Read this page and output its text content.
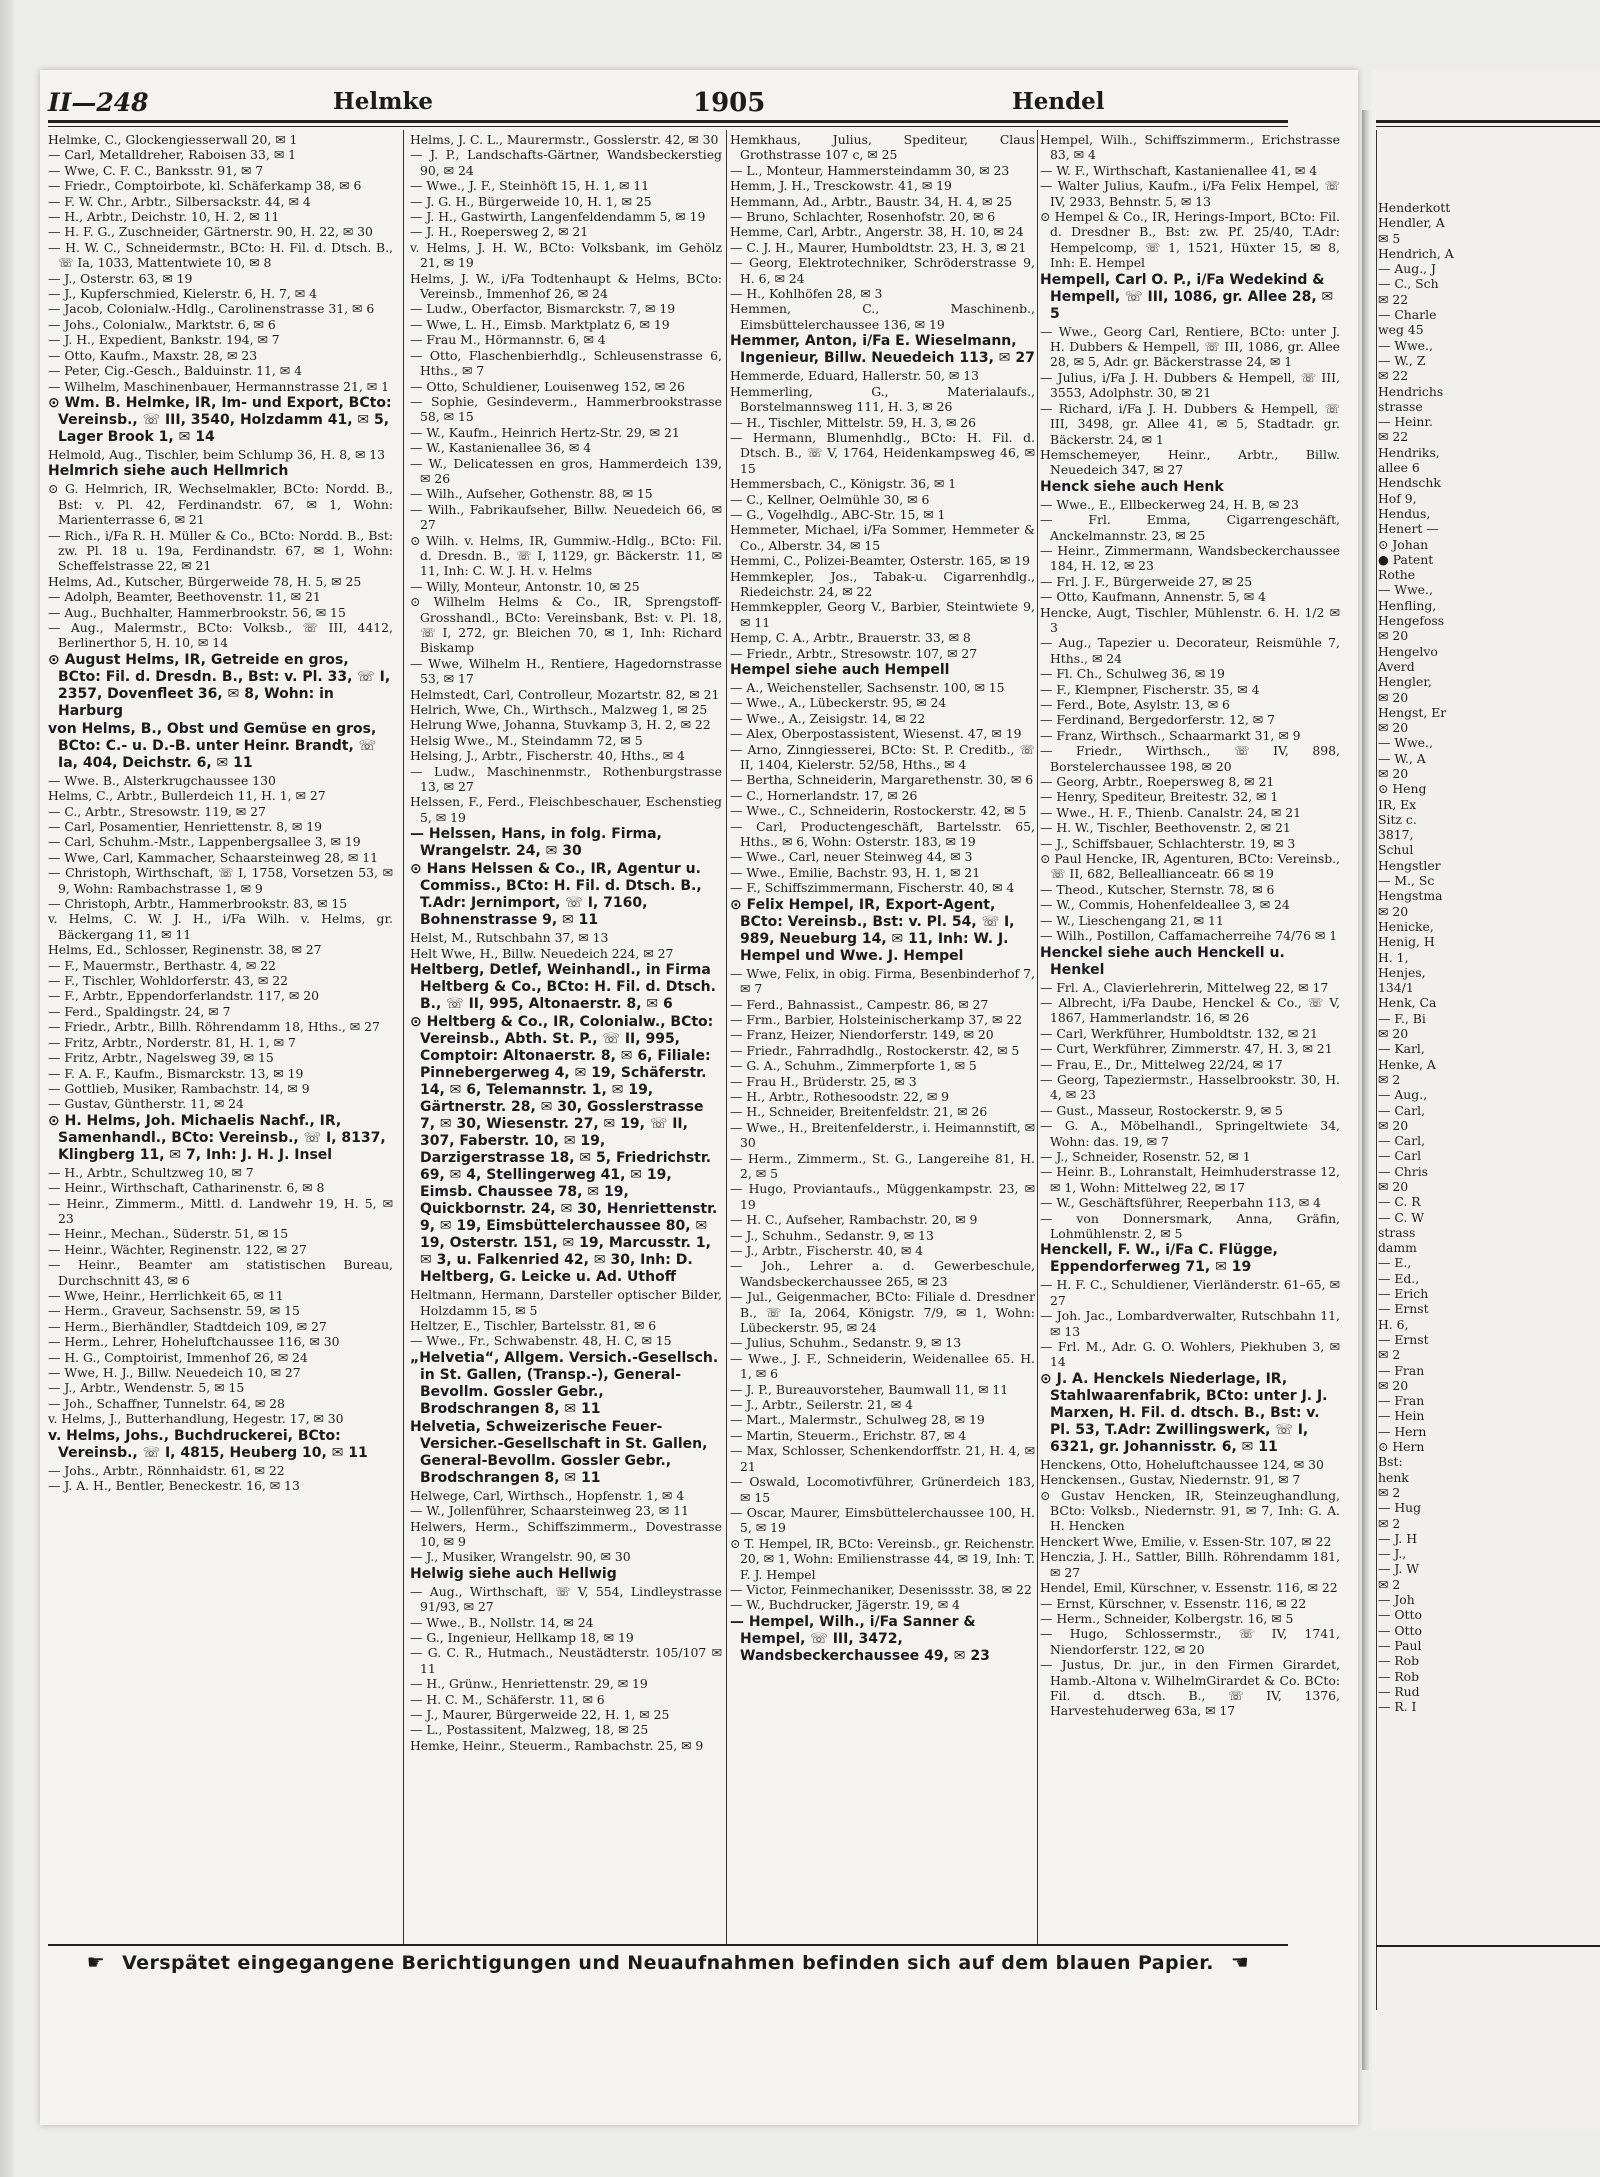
II—248	Helmke	1905	Hendel

Helmke, C., Glockengiesserwall 20, ✉ 1

— Carl, Metalldreher, Raboisen 33, ✉ 1

— Wwe, C. F. C., Banksstr. 91, ✉ 7

— Friedr., Comptoirbote, kl. Schäferkamp 38, ✉ 6

— F. W. Chr., Arbtr., Silbersackstr. 44, ✉ 4

— H., Arbtr., Deichstr. 10, H. 2, ✉ 11

— H. F. G., Zuschneider, Gärtnerstr. 90, H. 22, ✉ 30

— H. W. C., Schneidermstr., BCto: H. Fil. d. Dtsch. B., ☏ Ia, 1033, Mattentwiete 10, ✉ 8

— J., Osterstr. 63, ✉ 19

— J., Kupferschmied, Kielerstr. 6, H. 7, ✉ 4

— Jacob, Colonialw.-Hdlg., Carolinenstrasse 31, ✉ 6

— Johs., Colonialw., Marktstr. 6, ✉ 6

— J. H., Expedient, Bankstr. 194, ✉ 7

— Otto, Kaufm., Maxstr. 28, ✉ 23

— Peter, Cig.-Gesch., Balduinstr. 11, ✉ 4

— Wilhelm, Maschinenbauer, Hermannstrasse 21, ✉ 1

⊙ Wm. B. Helmke, IR, Im- und Export, BCto: Vereinsb., ☏ III, 3540, Holzdamm 41, ✉ 5, Lager Brook 1, ✉ 14

Helmold, Aug., Tischler, beim Schlump 36, H. 8, ✉ 13

Helmrich siehe auch Hellmrich

⊙ G. Helmrich, IR, Wechselmakler, BCto: Nordd. B., Bst: v. Pl. 42, Ferdinandstr. 67, ✉ 1, Wohn: Marienterrasse 6, ✉ 21

— Rich., i/Fa R. H. Müller & Co., BCto: Nordd. B., Bst: zw. Pl. 18 u. 19a, Ferdinandstr. 67, ✉ 1, Wohn: Scheffelstrasse 22, ✉ 21

Helms, Ad., Kutscher, Bürgerweide 78, H. 5, ✉ 25

— Adolph, Beamter, Beethovenstr. 11, ✉ 21

— Aug., Buchhalter, Hammerbrookstr. 56, ✉ 15

— Aug., Malermstr., BCto: Volksb., ☏ III, 4412, Berlinerthor 5, H. 10, ✉ 14

⊙ August Helms, IR, Getreide en gros, BCto: Fil. d. Dresdn. B., Bst: v. Pl. 33, ☏ I, 2357, Dovenfleet 36, ✉ 8, Wohn: in Harburg

von Helms, B., Obst und Gemüse en gros, BCto: C.- u. D.-B. unter Heinr. Brandt, ☏ Ia, 404, Deichstr. 6, ✉ 11

— Wwe. B., Alsterkrugchaussee 130

Helms, C., Arbtr., Bullerdeich 11, H. 1, ✉ 27

— C., Arbtr., Stresowstr. 119, ✉ 27

— Carl, Posamentier, Henriettenstr. 8, ✉ 19

— Carl, Schuhm.-Mstr., Lappenbergsallee 3, ✉ 19

— Wwe, Carl, Kammacher, Schaarsteinweg 28, ✉ 11

— Christoph, Wirthschaft, ☏ I, 1758, Vorsetzen 53, ✉ 9, Wohn: Rambachstrasse 1, ✉ 9

— Christoph, Arbtr., Hammerbrookstr. 83, ✉ 15

v. Helms, C. W. J. H., i/Fa Wilh. v. Helms, gr. Bäckergang 11, ✉ 11

Helms, Ed., Schlosser, Reginenstr. 38, ✉ 27

— F., Mauermstr., Berthastr. 4, ✉ 22

— F., Tischler, Wohldorferstr. 43, ✉ 22

— F., Arbtr., Eppendorferlandstr. 117, ✉ 20

— Ferd., Spaldingstr. 24, ✉ 7

— Friedr., Arbtr., Billh. Röhrendamm 18, Hths., ✉ 27

— Fritz, Arbtr., Norderstr. 81, H. 1, ✉ 7

— Fritz, Arbtr., Nagelsweg 39, ✉ 15

— F. A. F., Kaufm., Bismarckstr. 13, ✉ 19

— Gottlieb, Musiker, Rambachstr. 14, ✉ 9

— Gustav, Güntherstr. 11, ✉ 24

⊙ H. Helms, Joh. Michaelis Nachf., IR, Samenhandl., BCto: Vereinsb., ☏ I, 8137, Klingberg 11, ✉ 7, Inh: J. H. J. Insel

— H., Arbtr., Schultzweg 10, ✉ 7

— Heinr., Wirthschaft, Catharinenstr. 6, ✉ 8

— Heinr., Zimmerm., Mittl. d. Landwehr 19, H. 5, ✉ 23

— Heinr., Mechan., Süderstr. 51, ✉ 15

— Heinr., Wächter, Reginenstr. 122, ✉ 27

— Heinr., Beamter am statistischen Bureau, Durchschnitt 43, ✉ 6

— Wwe, Heinr., Herrlichkeit 65, ✉ 11

— Herm., Graveur, Sachsenstr. 59, ✉ 15

— Herm., Bierhändler, Stadtdeich 109, ✉ 27

— Herm., Lehrer, Hoheluftchaussee 116, ✉ 30

— H. G., Comptoirist, Immenhof 26, ✉ 24

— Wwe, H. J., Billw. Neuedeich 10, ✉ 27

— J., Arbtr., Wendenstr. 5, ✉ 15

— Joh., Schaffner, Tunnelstr. 64, ✉ 28

v. Helms, J., Butterhandlung, Hegestr. 17, ✉ 30

v. Helms, Johs., Buchdruckerei, BCto: Vereinsb., ☏ I, 4815, Heuberg 10, ✉ 11

— Johs., Arbtr., Rönnhaidstr. 61, ✉ 22

— J. A. H., Bentler, Beneckestr. 16, ✉ 13

Helms, J. C. L., Maurermstr., Gosslerstr. 42, ✉ 30

— J. P., Landschafts-Gärtner, Wandsbeckerstieg 90, ✉ 24

— Wwe., J. F., Steinhöft 15, H. 1, ✉ 11

— J. G. H., Bürgerweide 10, H. 1, ✉ 25

— J. H., Gastwirth, Langenfeldendamm 5, ✉ 19

— J. H., Roepersweg 2, ✉ 21

v. Helms, J. H. W., BCto: Volksbank, im Gehölz 21, ✉ 19

Helms, J. W., i/Fa Todtenhaupt & Helms, BCto: Vereinsb., Immenhof 26, ✉ 24

— Ludw., Oberfactor, Bismarckstr. 7, ✉ 19

— Wwe, L. H., Eimsb. Marktplatz 6, ✉ 19

— Frau M., Hörmannstr. 6, ✉ 4

— Otto, Flaschenbierhdlg., Schleusenstrasse 6, Hths., ✉ 7

— Otto, Schuldiener, Louisenweg 152, ✉ 26

— Sophie, Gesindeverm., Hammerbrookstrasse 58, ✉ 15

— W., Kaufm., Heinrich Hertz-Str. 29, ✉ 21

— W., Kastanienallee 36, ✉ 4

— W., Delicatessen en gros, Hammerdeich 139, ✉ 26

— Wilh., Aufseher, Gothenstr. 88, ✉ 15

— Wilh., Fabrikaufseher, Billw. Neuedeich 66, ✉ 27

⊙ Wilh. v. Helms, IR, Gummiw.-Hdlg., BCto: Fil. d. Dresdn. B., ☏ I, 1129, gr. Bäckerstr. 11, ✉ 11, Inh: C. W. J. H. v. Helms

— Willy, Monteur, Antonstr. 10, ✉ 25

⊙ Wilhelm Helms & Co., IR, Sprengstoff-Grosshandl., BCto: Vereinsbank, Bst: v. Pl. 18, ☏ I, 272, gr. Bleichen 70, ✉ 1, Inh: Richard Biskamp

— Wwe, Wilhelm H., Rentiere, Hagedornstrasse 53, ✉ 17

Helmstedt, Carl, Controlleur, Mozartstr. 82, ✉ 21

Helrich, Wwe, Ch., Wirthsch., Malzweg 1, ✉ 25

Helrung Wwe, Johanna, Stuvkamp 3, H. 2, ✉ 22

Helsig Wwe., M., Steindamm 72, ✉ 5

Helsing, J., Arbtr., Fischerstr. 40, Hths., ✉ 4

— Ludw., Maschinenmstr., Rothenburgstrasse 13, ✉ 27

Helssen, F., Ferd., Fleischbeschauer, Eschenstieg 5, ✉ 19

— Helssen, Hans, in folg. Firma, Wrangelstr. 24, ✉ 30

⊙ Hans Helssen & Co., IR, Agentur u. Commiss., BCto: H. Fil. d. Dtsch. B., T.Adr: Jernimport, ☏ I, 7160, Bohnenstrasse 9, ✉ 11

Helst, M., Rutschbahn 37, ✉ 13

Helt Wwe, H., Billw. Neuedeich 224, ✉ 27

Heltberg, Detlef, Weinhandl., in Firma Heltberg & Co., BCto: H. Fil. d. Dtsch. B., ☏ II, 995, Altonaerstr. 8, ✉ 6

⊙ Heltberg & Co., IR, Colonialw., BCto: Vereinsb., Abth. St. P., ☏ II, 995, Comptoir: Altonaerstr. 8, ✉ 6, Filiale: Pinnebergerweg 4, ✉ 19, Schäferstr. 14, ✉ 6, Telemannstr. 1, ✉ 19, Gärtnerstr. 28, ✉ 30, Gosslerstrasse 7, ✉ 30, Wiesenstr. 27, ✉ 19, ☏ II, 307, Faberstr. 10, ✉ 19, Darzigerstrasse 18, ✉ 5, Friedrichstr. 69, ✉ 4, Stellingerweg 41, ✉ 19, Eimsb. Chaussee 78, ✉ 19, Quickbornstr. 24, ✉ 30, Henriettenstr. 9, ✉ 19, Eimsbüttelerchaussee 80, ✉ 19, Osterstr. 151, ✉ 19, Marcusstr. 1, ✉ 3, u. Falkenried 42, ✉ 30, Inh: D. Heltberg, G. Leicke u. Ad. Uthoff

Heltmann, Hermann, Darsteller optischer Bilder, Holzdamm 15, ✉ 5

Heltzer, E., Tischler, Bartelsstr. 81, ✉ 6

— Wwe., Fr., Schwabenstr. 48, H. C, ✉ 15

„Helvetia“, Allgem. Versich.-Gesellsch. in St. Gallen, (Transp.-), General-Bevollm. Gossler Gebr., Brodschrangen 8, ✉ 11

Helvetia, Schweizerische Feuer-Versicher.-Gesellschaft in St. Gallen, General-Bevollm. Gossler Gebr., Brodschrangen 8, ✉ 11

Helwege, Carl, Wirthsch., Hopfenstr. 1, ✉ 4

— W., Jollenführer, Schaarsteinweg 23, ✉ 11

Helwers, Herm., Schiffszimmerm., Dovestrasse 10, ✉ 9

— J., Musiker, Wrangelstr. 90, ✉ 30

Helwig siehe auch Hellwig

— Aug., Wirthschaft, ☏ V, 554, Lindleystrasse 91/93, ✉ 27

— Wwe., B., Nollstr. 14, ✉ 24

— G., Ingenieur, Hellkamp 18, ✉ 19

— G. C. R., Hutmach., Neustädterstr. 105/107 ✉ 11

— H., Grünw., Henriettenstr. 29, ✉ 19

— H. C. M., Schäferstr. 11, ✉ 6

— J., Maurer, Bürgerweide 22, H. 1, ✉ 25

— L., Postassitent, Malzweg, 18, ✉ 25

Hemke, Heinr., Steuerm., Rambachstr. 25, ✉ 9

Hemkhaus, Julius, Spediteur, Claus Grothstrasse 107 c, ✉ 25

— L., Monteur, Hammersteindamm 30, ✉ 23

Hemm, J. H., Tresckowstr. 41, ✉ 19

Hemmann, Ad., Arbtr., Baustr. 34, H. 4, ✉ 25

— Bruno, Schlachter, Rosenhofstr. 20, ✉ 6

Hemme, Carl, Arbtr., Angerstr. 38, H. 10, ✉ 24

— C. J. H., Maurer, Humboldtstr. 23, H. 3, ✉ 21

— Georg, Elektrotechniker, Schröderstrasse 9, H. 6, ✉ 24

— H., Kohlhöfen 28, ✉ 3

Hemmen, C., Maschinenb., Eimsbüttelerchaussee 136, ✉ 19

Hemmer, Anton, i/Fa E. Wieselmann, Ingenieur, Billw. Neuedeich 113, ✉ 27

Hemmerde, Eduard, Hallerstr. 50, ✉ 13

Hemmerling, G., Materialaufs., Borstelmannsweg 111, H. 3, ✉ 26

— H., Tischler, Mittelstr. 59, H. 3, ✉ 26

— Hermann, Blumenhdlg., BCto: H. Fil. d. Dtsch. B., ☏ V, 1764, Heidenkampsweg 46, ✉ 15

Hemmersbach, C., Königstr. 36, ✉ 1

— C., Kellner, Oelmühle 30, ✉ 6

— G., Vogelhdlg., ABC-Str. 15, ✉ 1

Hemmeter, Michael, i/Fa Sommer, Hemmeter & Co., Alberstr. 34, ✉ 15

Hemmi, C., Polizei-Beamter, Osterstr. 165, ✉ 19

Hemmkepler, Jos., Tabak-u. Cigarrenhdlg., Riedeichstr. 24, ✉ 22

Hemmkeppler, Georg V., Barbier, Steintwiete 9, ✉ 11

Hemp, C. A., Arbtr., Brauerstr. 33, ✉ 8

— Friedr., Arbtr., Stresowstr. 107, ✉ 27

Hempel siehe auch Hempell

— A., Weichensteller, Sachsenstr. 100, ✉ 15

— Wwe., A., Lübeckerstr. 95, ✉ 24

— Wwe., A., Zeisigstr. 14, ✉ 22

— Alex, Oberpostassistent, Wiesenst. 47, ✉ 19

— Arno, Zinngiesserei, BCto: St. P. Creditb., ☏ II, 1404, Kielerstr. 52/58, Hths., ✉ 4

— Bertha, Schneiderin, Margarethenstr. 30, ✉ 6

— C., Hornerlandstr. 17, ✉ 26

— Wwe., C., Schneiderin, Rostockerstr. 42, ✉ 5

— Carl, Productengeschäft, Bartelsstr. 65, Hths., ✉ 6, Wohn: Osterstr. 183, ✉ 19

— Wwe., Carl, neuer Steinweg 44, ✉ 3

— Wwe., Emilie, Bachstr. 93, H. 1, ✉ 21

— F., Schiffszimmermann, Fischerstr. 40, ✉ 4

⊙ Felix Hempel, IR, Export-Agent, BCto: Vereinsb., Bst: v. Pl. 54, ☏ I, 989, Neueburg 14, ✉ 11, Inh: W. J. Hempel und Wwe. J. Hempel

— Wwe, Felix, in obig. Firma, Besenbinderhof 7, ✉ 7

— Ferd., Bahnassist., Campestr. 86, ✉ 27

— Frm., Barbier, Holsteinischerkamp 37, ✉ 22

— Franz, Heizer, Niendorferstr. 149, ✉ 20

— Friedr., Fahrradhdlg., Rostockerstr. 42, ✉ 5

— G. A., Schuhm., Zimmerpforte 1, ✉ 5

— Frau H., Brüderstr. 25, ✉ 3

— H., Arbtr., Rothesoodstr. 22, ✉ 9

— H., Schneider, Breitenfeldstr. 21, ✉ 26

— Wwe., H., Breitenfelderstr., i. Heimannstift, ✉ 30

— Herm., Zimmerm., St. G., Langereihe 81, H. 2, ✉ 5

— Hugo, Proviantaufs., Müggenkampstr. 23, ✉ 19

— H. C., Aufseher, Rambachstr. 20, ✉ 9

— J., Schuhm., Sedanstr. 9, ✉ 13

— J., Arbtr., Fischerstr. 40, ✉ 4

— Joh., Lehrer a. d. Gewerbeschule, Wandsbeckerchaussee 265, ✉ 23

— Jul., Geigenmacher, BCto: Filiale d. Dresdner B., ☏ Ia, 2064, Königstr. 7/9, ✉ 1, Wohn: Lübeckerstr. 95, ✉ 24

— Julius, Schuhm., Sedanstr. 9, ✉ 13

— Wwe., J. F., Schneiderin, Weidenallee 65. H. 1, ✉ 6

— J. P., Bureauvorsteher, Baumwall 11, ✉ 11

— J., Arbtr., Seilerstr. 21, ✉ 4

— Mart., Malermstr., Schulweg 28, ✉ 19

— Martin, Steuerm., Erichstr. 87, ✉ 4

— Max, Schlosser, Schenkendorffstr. 21, H. 4, ✉ 21

— Oswald, Locomotivführer, Grünerdeich 183, ✉ 15

— Oscar, Maurer, Eimsbüttelerchaussee 100, H. 5, ✉ 19

⊙ T. Hempel, IR, BCto: Vereinsb., gr. Reichenstr. 20, ✉ 1, Wohn: Emilienstrasse 44, ✉ 19, Inh: T. F. J. Hempel

— Victor, Feinmechaniker, Desenissstr. 38, ✉ 22

— W., Buchdrucker, Jägerstr. 19, ✉ 4

— Hempel, Wilh., i/Fa Sanner & Hempel, ☏ III, 3472, Wandsbeckerchaussee 49, ✉ 23

Hempel, Wilh., Schiffszimmerm., Erichstrasse 83, ✉ 4

— W. F., Wirthschaft, Kastanienallee 41, ✉ 4

— Walter Julius, Kaufm., i/Fa Felix Hempel, ☏ IV, 2933, Behnstr. 5, ✉ 13

⊙ Hempel & Co., IR, Herings-Import, BCto: Fil. d. Dresdner B., Bst: zw. Pf. 25/40, T.Adr: Hempelcomp, ☏ 1, 1521, Hüxter 15, ✉ 8, Inh: E. Hempel

Hempell, Carl O. P., i/Fa Wedekind & Hempell, ☏ III, 1086, gr. Allee 28, ✉ 5

— Wwe., Georg Carl, Rentiere, BCto: unter J. H. Dubbers & Hempell, ☏ III, 1086, gr. Allee 28, ✉ 5, Adr. gr. Bäckerstrasse 24, ✉ 1

— Julius, i/Fa J. H. Dubbers & Hempell, ☏ III, 3553, Adolphstr. 30, ✉ 21

— Richard, i/Fa J. H. Dubbers & Hempell, ☏ III, 3498, gr. Allee 41, ✉ 5, Stadtadr. gr. Bäckerstr. 24, ✉ 1

Hemschemeyer, Heinr., Arbtr., Billw. Neuedeich 347, ✉ 27

Henck siehe auch Henk

— Wwe., E., Ellbeckerweg 24, H. B, ✉ 23

— Frl. Emma, Cigarrengeschäft, Anckelmannstr. 23, ✉ 25

— Heinr., Zimmermann, Wandsbeckerchaussee 184, H. 12, ✉ 23

— Frl. J. F., Bürgerweide 27, ✉ 25

— Otto, Kaufmann, Annenstr. 5, ✉ 4

Hencke, Augt, Tischler, Mühlenstr. 6. H. 1/2 ✉ 3

— Aug., Tapezier u. Decorateur, Reismühle 7, Hths., ✉ 24

— Fl. Ch., Schulweg 36, ✉ 19

— F., Klempner, Fischerstr. 35, ✉ 4

— Ferd., Bote, Asylstr. 13, ✉ 6

— Ferdinand, Bergedorferstr. 12, ✉ 7

— Franz, Wirthsch., Schaarmarkt 31, ✉ 9

— Friedr., Wirthsch., ☏ IV, 898, Borstelerchaussee 198, ✉ 20

— Georg, Arbtr., Roepersweg 8, ✉ 21

— Henry, Spediteur, Breitestr. 32, ✉ 1

— Wwe., H. F., Thienb. Canalstr. 24, ✉ 21

— H. W., Tischler, Beethovenstr. 2, ✉ 21

— J., Schiffsbauer, Schlachterstr. 19, ✉ 3

⊙ Paul Hencke, IR, Agenturen, BCto: Vereinsb., ☏ II, 682, Belleallianceatr. 66 ✉ 19

— Theod., Kutscher, Sternstr. 78, ✉ 6

— W., Commis, Hohenfeldeallee 3, ✉ 24

— W., Lieschengang 21, ✉ 11

— Wilh., Postillon, Caffamacherreihe 74/76 ✉ 1

Henckel siehe auch Henckell u. Henkel

— Frl. A., Clavierlehrerin, Mittelweg 22, ✉ 17

— Albrecht, i/Fa Daube, Henckel & Co., ☏ V, 1867, Hammerlandstr. 16, ✉ 26

— Carl, Werkführer, Humboldtstr. 132, ✉ 21

— Curt, Werkführer, Zimmerstr. 47, H. 3, ✉ 21

— Frau, E., Dr., Mittelweg 22/24, ✉ 17

— Georg, Tapeziermstr., Hasselbrookstr. 30, H. 4, ✉ 23

— Gust., Masseur, Rostockerstr. 9, ✉ 5

— G. A., Möbelhandl., Springeltwiete 34, Wohn: das. 19, ✉ 7

— J., Schneider, Rosenstr. 52, ✉ 1

— Heinr. B., Lohranstalt, Heimhuderstrasse 12, ✉ 1, Wohn: Mittelweg 22, ✉ 17

— W., Geschäftsführer, Reeperbahn 113, ✉ 4

— von Donnersmark, Anna, Gräfin, Lohmühlenstr. 2, ✉ 5

Henckell, F. W., i/Fa C. Flügge, Eppendorferweg 71, ✉ 19

— H. F. C., Schuldiener, Vierländerstr. 61–65, ✉ 27

— Joh. Jac., Lombardverwalter, Rutschbahn 11, ✉ 13

— Frl. M., Adr. G. O. Wohlers, Piekhuben 3, ✉ 14

⊙ J. A. Henckels Niederlage, IR, Stahlwaarenfabrik, BCto: unter J. J. Marxen, H. Fil. d. dtsch. B., Bst: v. Pl. 53, T.Adr: Zwillingswerk, ☏ I, 6321, gr. Johannisstr. 6, ✉ 11

Henckens, Otto, Hoheluftchaussee 124, ✉ 30

Henckensen., Gustav, Niedernstr. 91, ✉ 7

⊙ Gustav Hencken, IR, Steinzeughandlung, BCto: Volksb., Niedernstr. 91, ✉ 7, Inh: G. A. H. Hencken

Henckert Wwe, Emilie, v. Essen-Str. 107, ✉ 22

Henczia, J. H., Sattler, Billh. Röhrendamm 181, ✉ 27

Hendel, Emil, Kürschner, v. Essenstr. 116, ✉ 22

— Ernst, Kürschner, v. Essenstr. 116, ✉ 22

— Herm., Schneider, Kolbergstr. 16, ✉ 5

— Hugo, Schlossermstr., ☏ IV, 1741, Niendorferstr. 122, ✉ 20

— Justus, Dr. jur., in den Firmen Girardet, Hamb.-Altona v. WilhelmGirardet & Co. BCto: Fil. d. dtsch. B., ☏ IV, 1376, Harvestehuderweg 63a, ✉ 17

☛ Verspätet eingegangene Berichtigungen und Neuaufnahmen befinden sich auf dem blauen Papier. ☚
Henderkott
Hendler, A
✉ 5
Hendrich, A
— Aug., J
— C., Sch
✉ 22
— Charle
weg 45
— Wwe.,
— W., Z
✉ 22
Hendrichs
strasse
— Heinr.
✉ 22
Hendriks,
allee 6
Hendschk
Hof 9,
Hendus,
Henert —
⊙ Johan
● Patent
Rothe
— Wwe.,
Henfling,
Hengefoss
✉ 20
Hengelvo
Averd
Hengler,
✉ 20
Hengst, Er
✉ 20
— Wwe.,
— W., A
✉ 20
⊙ Heng
IR, Ex
Sitz c.
3817,
Schul
Hengstler
— M., Sc
Hengstma
✉ 20
Henicke,
Henig, H
H. 1,
Henjes,
134/1
Henk, Ca
— F., Bi
✉ 20
— Karl,
Henke, A
✉ 2
— Aug.,
— Carl,
✉ 20
— Carl,
— Carl
— Chris
✉ 20
— C. R
— C. W
strass
damm
— E.,
— Ed.,
— Erich
— Ernst
H. 6,
— Ernst
✉ 2
— Fran
✉ 20
— Fran
— Hein
— Hern
⊙ Hern
Bst:
henk
✉ 2
— Hug
✉ 2
— J. H
— J.,
— J. W
✉ 2
— Joh
— Otto
— Otto
— Paul
— Rob
— Rob
— Rud
— R. I
